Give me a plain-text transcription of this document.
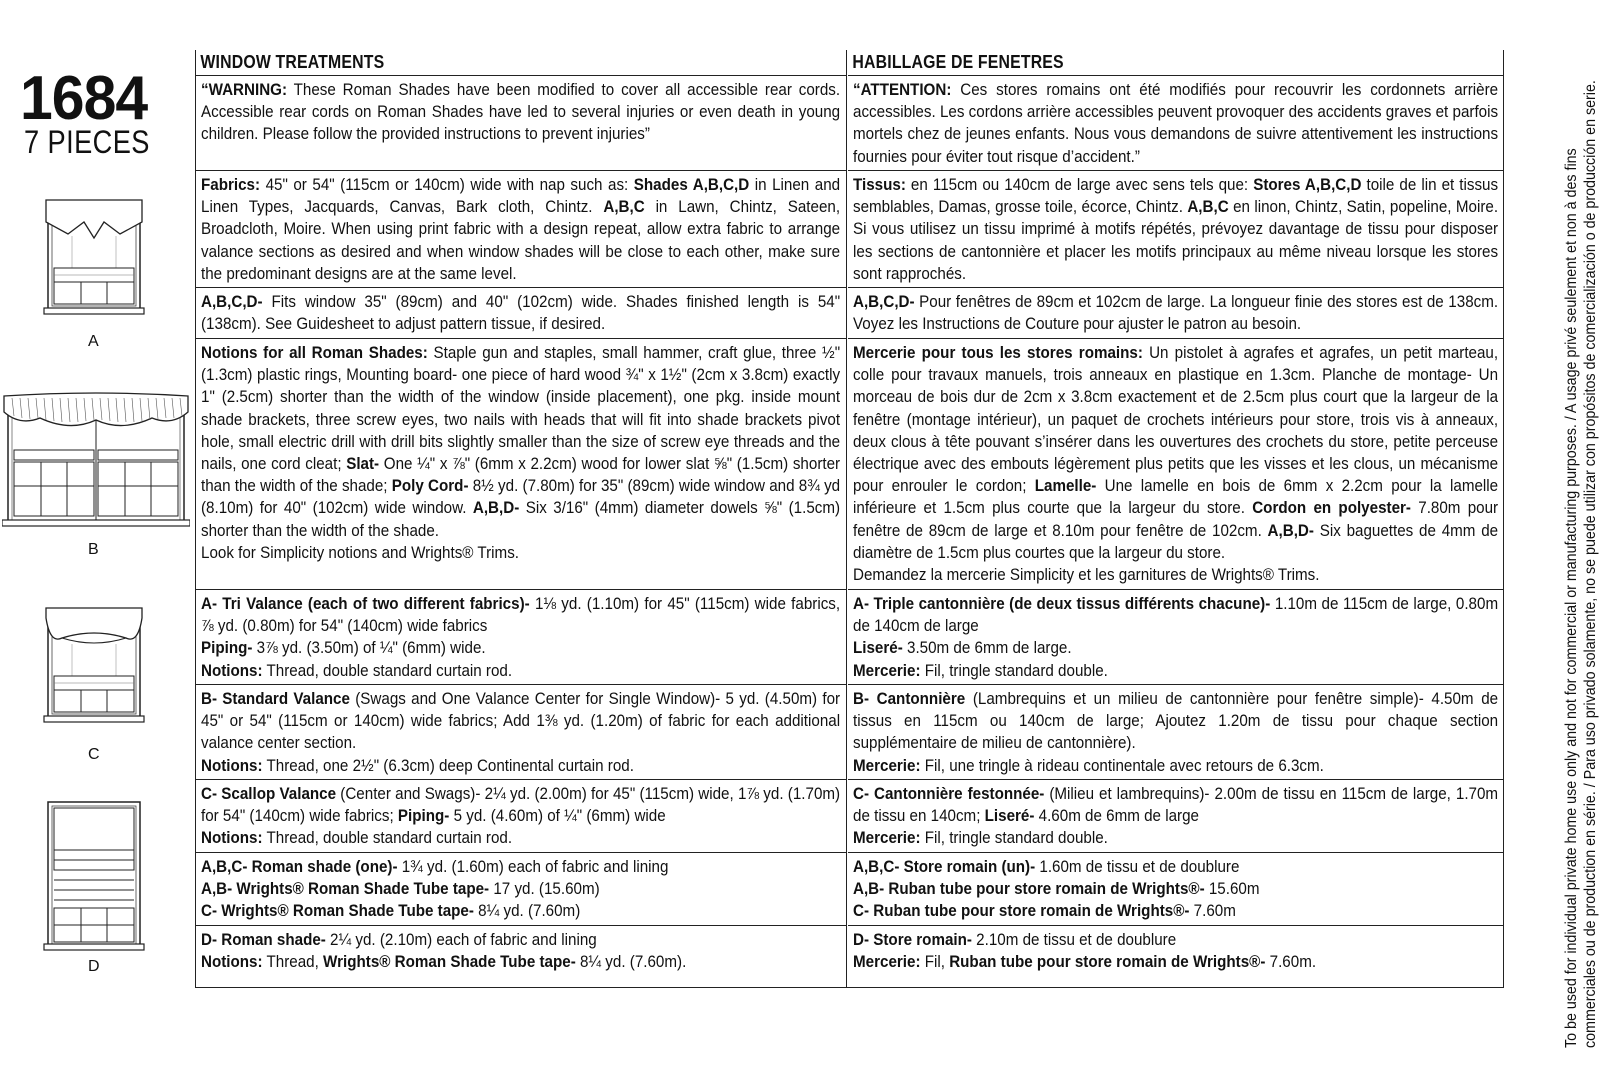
1684
7 PIECES
A
B
C
D
WINDOW TREATMENTS
“WARNING: These Roman Shades have been modified to cover all accessible rear cords. Accessible rear cords on Roman Shades have led to several injuries or even death in young children. Please follow the provided instructions to prevent injuries”
Fabrics: 45" or 54" (115cm or 140cm) wide with nap such as: Shades A,B,C,D in Linen and Linen Types, Jacquards, Canvas, Bark cloth, Chintz. A,B,C in Lawn, Chintz, Sateen, Broadcloth, Moire. When using print fabric with a design repeat, allow extra fabric to arrange valance sections as desired and when window shades will be close to each other, make sure the predominant designs are at the same level.
A,B,C,D- Fits window 35" (89cm) and 40" (102cm) wide. Shades finished length is 54" (138cm). See Guidesheet to adjust pattern tissue, if desired.

Notions for all Roman Shades: Staple gun and staples, small hammer, craft glue, three ½" (1.3cm) plastic rings, Mounting board- one piece of hard wood ¾" x 1½" (2cm x 3.8cm) exactly 1" (2.5cm) shorter than the width of the window (inside placement), one pkg. inside mount shade brackets, three screw eyes, two nails with heads that will fit into shade brackets pivot hole, small electric drill with drill bits slightly smaller than the size of screw eye threads and the nails, one cord cleat; Slat- One ¼" x ⅞" (6mm x 2.2cm) wood for lower slat ⅝" (1.5cm) shorter than the width of the shade; Poly Cord- 8½ yd. (7.80m) for 35" (89cm) wide window and 8¾ yd (8.10m) for 40" (102cm) wide window. A,B,D- Six 3/16" (4mm) diameter dowels ⅝" (1.5cm) shorter than the width of the shade.

Look for Simplicity notions and Wrights® Trims.

A- Tri Valance (each of two different fabrics)- 1⅛ yd. (1.10m) for 45" (115cm) wide fabrics, ⅞ yd. (0.80m) for 54" (140cm) wide fabrics

Piping- 3⅞ yd. (3.50m) of ¼" (6mm) wide.

Notions: Thread, double standard curtain rod.

B- Standard Valance (Swags and One Valance Center for Single Window)- 5 yd. (4.50m) for 45" or 54" (115cm or 140cm) wide fabrics; Add 1⅜ yd. (1.20m) of fabric for each additional valance center section.

Notions: Thread, one 2½" (6.3cm) deep Continental curtain rod.

C- Scallop Valance (Center and Swags)- 2¼ yd. (2.00m) for 45" (115cm) wide, 1⅞ yd. (1.70m) for 54" (140cm) wide fabrics; Piping- 5 yd. (4.60m) of ¼" (6mm) wide

Notions: Thread, double standard curtain rod.

A,B,C- Roman shade (one)- 1¾ yd. (1.60m) each of fabric and lining

A,B- Wrights® Roman Shade Tube tape- 17 yd. (15.60m)

C- Wrights® Roman Shade Tube tape- 8¼ yd. (7.60m)

D- Roman shade- 2¼ yd. (2.10m) each of fabric and lining

Notions: Thread, Wrights® Roman Shade Tube tape- 8¼ yd. (7.60m).

HABILLAGE DE FENETRES
“ATTENTION: Ces stores romains ont été modifiés pour recouvrir les cordonnets arrière accessibles. Les cordons arrière accessibles peuvent provoquer des accidents graves et parfois mortels chez de jeunes enfants. Nous vous demandons de suivre attentivement les instructions fournies pour éviter tout risque d’accident.”
Tissus: en 115cm ou 140cm de large avec sens tels que: Stores A,B,C,D toile de lin et tissus semblables, Damas, grosse toile, écorce, Chintz. A,B,C en linon, Chintz, Satin, popeline, Moire. Si vous utilisez un tissu imprimé à motifs répétés, prévoyez davantage de tissu pour disposer les sections de cantonnière et placer les motifs principaux au même niveau lorsque les stores sont rapprochés.
A,B,C,D- Pour fenêtres de 89cm et 102cm de large. La longueur finie des stores est de 138cm. Voyez les Instructions de Couture pour ajuster le patron au besoin.

Mercerie pour tous les stores romains: Un pistolet à agrafes et agrafes, un petit marteau, colle pour travaux manuels, trois anneaux en plastique en 1.3cm. Planche de montage- Un morceau de bois dur de 2cm x 3.8cm exactement et de 2.5cm plus court que la largeur de la fenêtre (montage intérieur), un paquet de crochets intérieurs pour store, trois vis à anneaux, deux clous à tête pouvant s’insérer dans les ouvertures des crochets du store, petite perceuse électrique avec des embouts légèrement plus petits que les visses et les clous, un mécanisme pour enrouler le cordon; Lamelle- Une lamelle en bois de 6mm x 2.2cm pour la lamelle inférieure et 1.5cm plus courte que la largeur du store. Cordon en polyester- 7.80m pour fenêtre de 89cm de large et 8.10m pour fenêtre de 102cm. A,B,D- Six baguettes de 4mm de diamètre de 1.5cm plus courtes que la largeur du store.

Demandez la mercerie Simplicity et les garnitures de Wrights® Trims.

A- Triple cantonnière (de deux tissus différents chacune)- 1.10m de 115cm de large, 0.80m de 140cm de large

Liseré- 3.50m de 6mm de large.

Mercerie: Fil, tringle standard double.

B- Cantonnière (Lambrequins et un milieu de cantonnière pour fenêtre simple)- 4.50m de tissus en 115cm ou 140cm de large; Ajoutez 1.20m de tissu pour chaque section supplémentaire de milieu de cantonnière).

Mercerie: Fil, une tringle à rideau continentale avec retours de 6.3cm.

C- Cantonnière festonnée- (Milieu et lambrequins)- 2.00m de tissu en 115cm de large, 1.70m de tissu en 140cm; Liseré- 4.60m de 6mm de large

Mercerie: Fil, tringle standard double.

A,B,C- Store romain (un)- 1.60m de tissu et de doublure

A,B- Ruban tube pour store romain de Wrights®- 15.60m

C- Ruban tube pour store romain de Wrights®- 7.60m

D- Store romain- 2.10m de tissu et de doublure

Mercerie: Fil, Ruban tube pour store romain de Wrights®- 7.60m.	To be used for individual private home use only and not for commercial or manufacturing purposes. / A usage privé seulement et non à des fins commerciales ou de production en série. / Para uso privado solamente, no se puede utilizar con propósitos de comercialización o de producción en serie.
